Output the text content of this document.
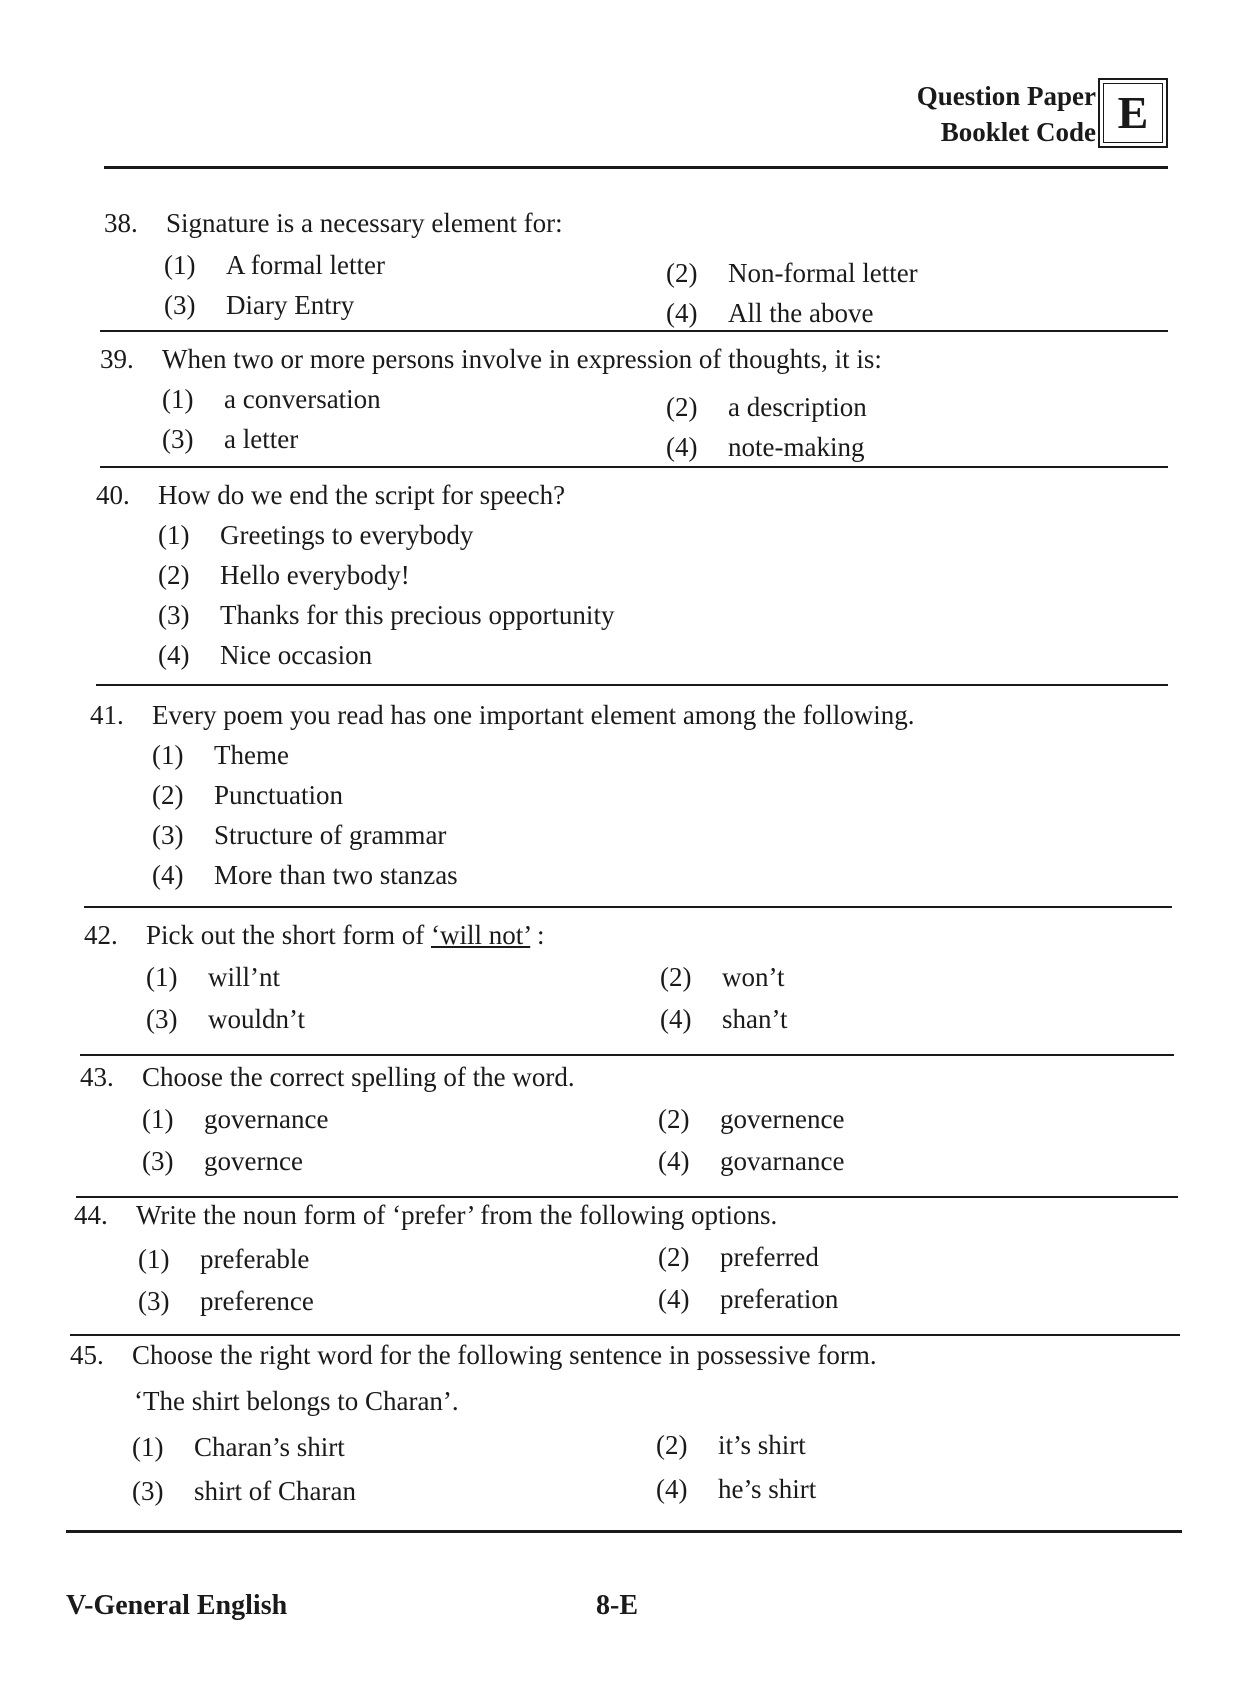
Question Paper
Booklet Code E
38. Signature is a necessary element for:
(1) A formal letter	(2) Non-formal letter
(3) Diary Entry	(4) All the above
39. When two or more persons involve in expression of thoughts, it is:
(1) a conversation	(2) a description
(3) a letter	(4) note-making
40. How do we end the script for speech?
(1) Greetings to everybody
(2) Hello everybody!
(3) Thanks for this precious opportunity
(4) Nice occasion
41. Every poem you read has one important element among the following.
(1) Theme
(2) Punctuation
(3) Structure of grammar
(4) More than two stanzas
42. Pick out the short form of ‘will not’ :
(1) will’nt	(2) won’t
(3) wouldn’t	(4) shan’t
43. Choose the correct spelling of the word.
(1) governance	(2) governence
(3) governce	(4) govarnance
44. Write the noun form of ‘prefer’ from the following options.
(1) preferable	(2) preferred
(3) preference	(4) preferation
45. Choose the right word for the following sentence in possessive form.
‘The shirt belongs to Charan’.
(1) Charan’s shirt	(2) it’s shirt
(3) shirt of Charan	(4) he’s shirt
V-General English	8-E
